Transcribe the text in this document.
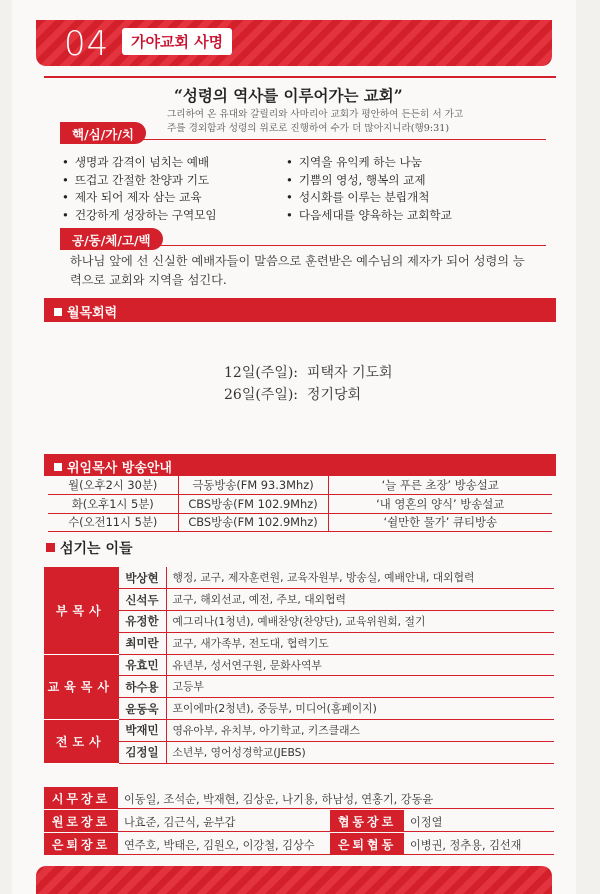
04	가야교회 사명
“성령의 역사를 이루어가는 교회”
그리하여 온 유대와 갈릴리와 사마리아 교회가 평안하여 든든히 서 가고
주를 경외함과 성령의 위로로 진행하여 수가 더 많아지니라(행9:31)
핵/심/가/치
• 생명과 감격이 넘치는 예배
• 뜨겁고 간절한 찬양과 기도
• 제자 되어 제자 삼는 교육
• 건강하게 성장하는 구역모임
• 지역을 유익케 하는 나눔
• 기쁨의 영성, 행복의 교제
• 성시화를 이루는 분립개척
• 다음세대를 양육하는 교회학교
공/동/체/고/백
하나님 앞에 선 신실한 예배자들이 말씀으로 훈련받은 예수님의 제자가 되어 성령의 능력으로 교회와 지역을 섬긴다.
월목회력
12일(주일):  피택자 기도회
26일(주일):  정기당회
위임목사 방송안내
월(오후2시 30분)	극동방송(FM 93.3Mhz)	‘늘 푸른 초장’ 방송설교
화(오후1시 5분)	CBS방송(FM 102.9Mhz)	‘내 영혼의 양식’ 방송설교
수(오전11시 5분)	CBS방송(FM 102.9Mhz)	‘쉴만한 물가’ 큐티방송
섬기는 이들
부목사	박상현	행정, 교구, 제자훈련원, 교육자원부, 방송실, 예배안내, 대외협력
	신석두	교구, 해외선교, 예전, 주보, 대외협력
	유정한	예그리나(1청년), 예배찬양(찬양단), 교육위원회, 절기
	최미란	교구, 새가족부, 전도대, 협력기도
교육목사	유효민	유년부, 성서연구원, 문화사역부
	하수용	고등부
	윤동욱	포이에마(2청년), 중등부, 미디어(홈페이지)
전도사	박재민	영유아부, 유치부, 아기학교, 키즈클래스
	김정일	소년부, 영어성경학교(JEBS)
시무장로	이동일, 조석순, 박재현, 김상운, 나기용, 하남성, 연홍기, 강동윤
원로장로	나효준, 김근식, 윤부갑	협동장로	이정열
은퇴장로	연주호, 박태은, 김원오, 이강철, 김상수	은퇴협동	이병권, 정추용, 김선재
